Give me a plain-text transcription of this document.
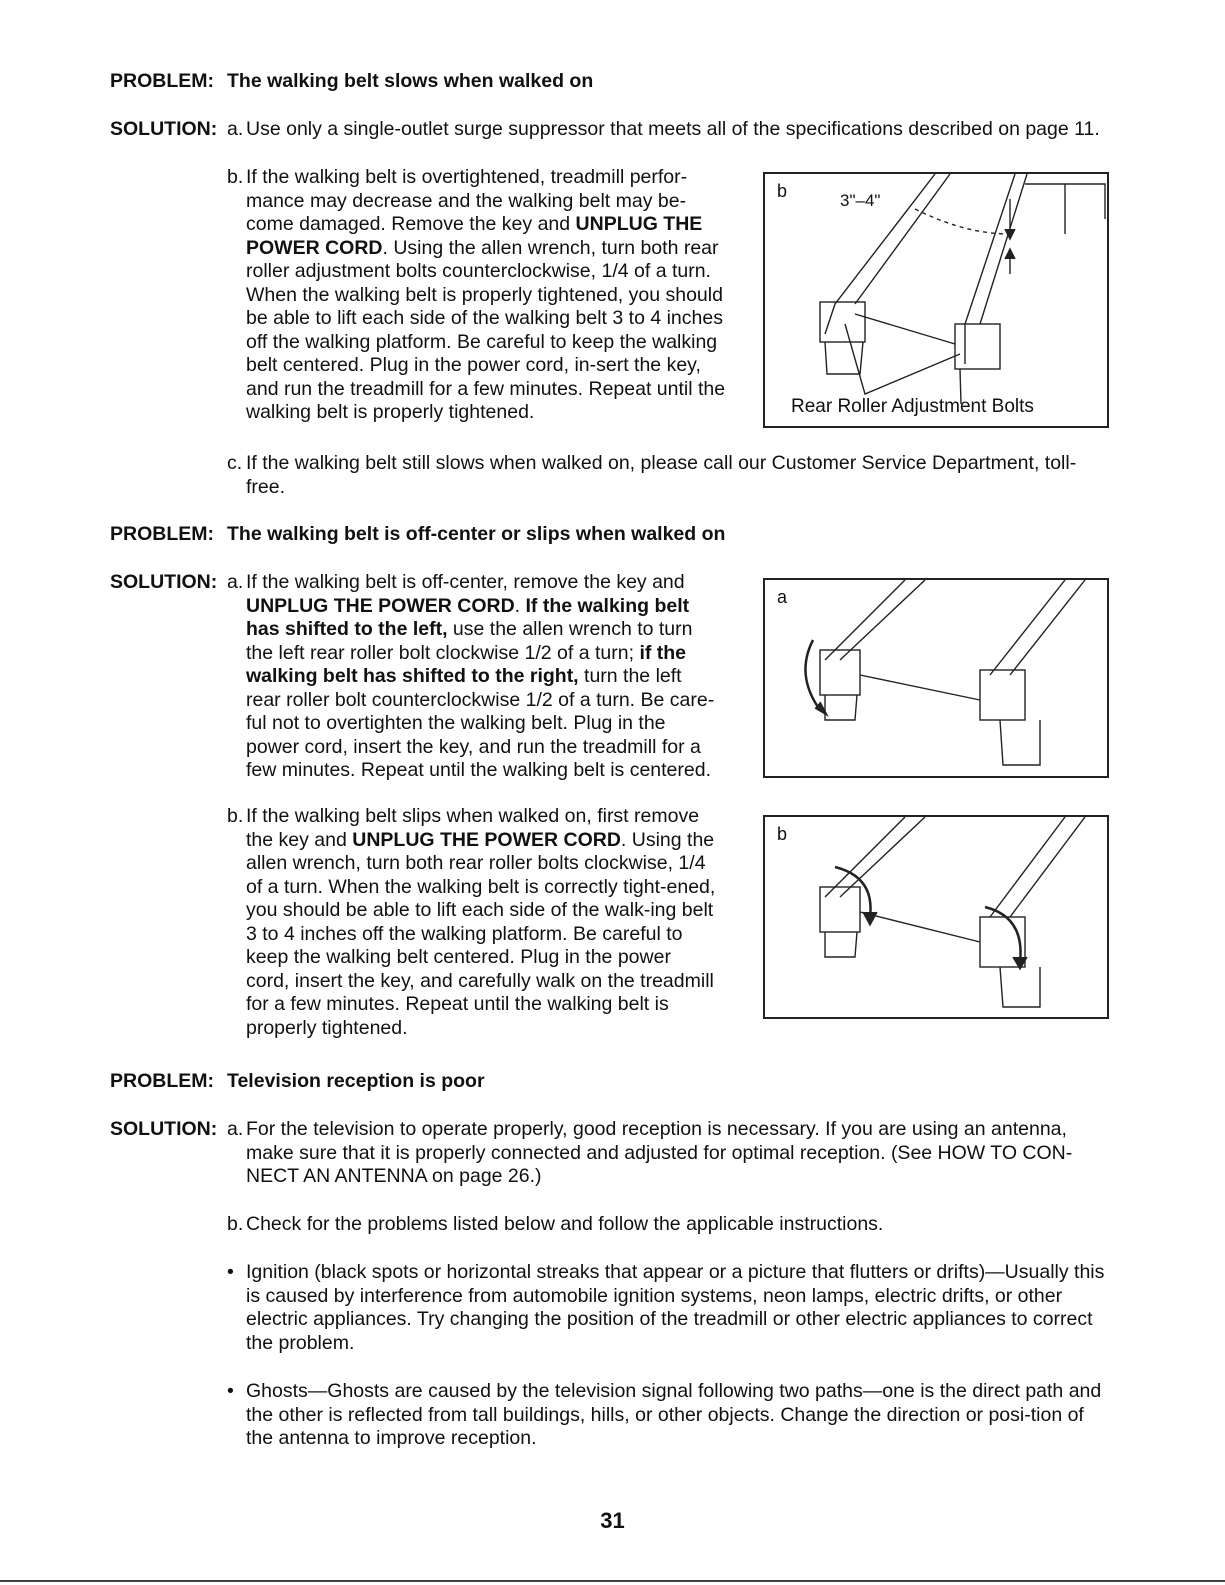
PROBLEM: The walking belt slows when walked on
SOLUTION: a. Use only a single-outlet surge suppressor that meets all of the specifications described on page 11.
b. If the walking belt is overtightened, treadmill perfor-mance may decrease and the walking belt may be-come damaged. Remove the key and UNPLUG THE POWER CORD. Using the allen wrench, turn both rear roller adjustment bolts counterclockwise, 1/4 of a turn. When the walking belt is properly tightened, you should be able to lift each side of the walking belt 3 to 4 inches off the walking platform. Be careful to keep the walking belt centered. Plug in the power cord, in-sert the key, and run the treadmill for a few minutes. Repeat until the walking belt is properly tightened.
b	3"–4"
Rear Roller Adjustment Bolts
c. If the walking belt still slows when walked on, please call our Customer Service Department, toll-free.
PROBLEM: The walking belt is off-center or slips when walked on
SOLUTION: a. If the walking belt is off-center, remove the key and UNPLUG THE POWER CORD. If the walking belt has shifted to the left, use the allen wrench to turn the left rear roller bolt clockwise 1/2 of a turn; if the walking belt has shifted to the right, turn the left rear roller bolt counterclockwise 1/2 of a turn. Be care-ful not to overtighten the walking belt. Plug in the power cord, insert the key, and run the treadmill for a few minutes. Repeat until the walking belt is centered.
a
b. If the walking belt slips when walked on, first remove the key and UNPLUG THE POWER CORD. Using the allen wrench, turn both rear roller bolts clockwise, 1/4 of a turn. When the walking belt is correctly tight-ened, you should be able to lift each side of the walk-ing belt 3 to 4 inches off the walking platform. Be careful to keep the walking belt centered. Plug in the power cord, insert the key, and carefully walk on the treadmill for a few minutes. Repeat until the walking belt is properly tightened.
b
PROBLEM: Television reception is poor
SOLUTION: a. For the television to operate properly, good reception is necessary. If you are using an antenna, make sure that it is properly connected and adjusted for optimal reception. (See HOW TO CON-NECT AN ANTENNA on page 26.)
b. Check for the problems listed below and follow the applicable instructions.
• Ignition (black spots or horizontal streaks that appear or a picture that flutters or drifts)—Usually this is caused by interference from automobile ignition systems, neon lamps, electric drifts, or other electric appliances. Try changing the position of the treadmill or other electric appliances to correct the problem.
• Ghosts—Ghosts are caused by the television signal following two paths—one is the direct path and the other is reflected from tall buildings, hills, or other objects. Change the direction or posi-tion of the antenna to improve reception.
31
